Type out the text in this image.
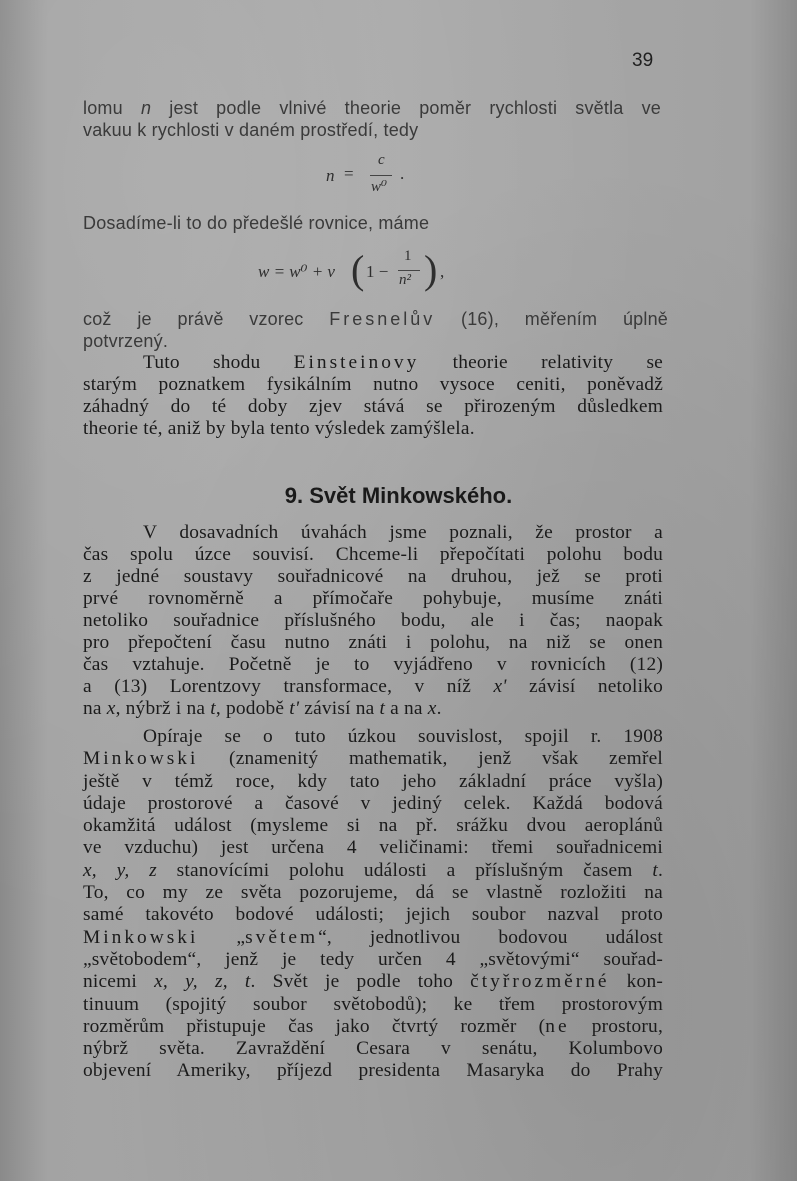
39

lomu n jest podle vlnivé theorie poměr rychlosti světla ve

vakuu k rychlosti v daném prostředí, tedy

n =
c
w⁰
.

Dosadíme-li to do předešlé rovnice, máme

w = w⁰ + v ( 1 −
1
n² ) ,

což je právě vzorec Fresnelův (16), měřením úplně

potvrzený.

Tuto shodu Einsteinovy theorie relativity se

starým poznatkem fysikálním nutno vysoce ceniti, poněvadž

záhadný do té doby zjev stává se přirozeným důsledkem

theorie té, aniž by byla tento výsledek zamýšlela.

9. Svět Minkowského.

V dosavadních úvahách jsme poznali, že prostor a

čas spolu úzce souvisí. Chceme-li přepočítati polohu bodu

z jedné soustavy souřadnicové na druhou, jež se proti

prvé rovnoměrně a přímočaře pohybuje, musíme znáti

netoliko souřadnice příslušného bodu, ale i čas; naopak

pro přepočtení času nutno znáti i polohu, na niž se onen

čas vztahuje. Početně je to vyjádřeno v rovnicích (12)

a (13) Lorentzovy transformace, v níž x' závisí netoliko

na x, nýbrž i na t, podobě t' závisí na t a na x.

Opíraje se o tuto úzkou souvislost, spojil r. 1908

Minkowski (znamenitý mathematik, jenž však zemřel

ještě v témž roce, kdy tato jeho základní práce vyšla)

údaje prostorové a časové v jediný celek. Každá bodová

okamžitá událost (mysleme si na př. srážku dvou aeroplánů

ve vzduchu) jest určena 4 veličinami: třemi souřadnicemi

x, y, z stanovícími polohu události a příslušným časem t.

To, co my ze světa pozorujeme, dá se vlastně rozložiti na

samé takovéto bodové události; jejich soubor nazval proto

Minkowski „světem“, jednotlivou bodovou událost

„světobodem“, jenž je tedy určen 4 „světovými“ souřad-

nicemi x, y, z, t. Svět je podle toho čtyřrozměrné kon-

tinuum (spojitý soubor světobodů); ke třem prostorovým

rozměrům přistupuje čas jako čtvrtý rozměr (ne prostoru,

nýbrž světa. Zavraždění Cesara v senátu, Kolumbovo

objevení Ameriky, příjezd presidenta Masaryka do Prahy
